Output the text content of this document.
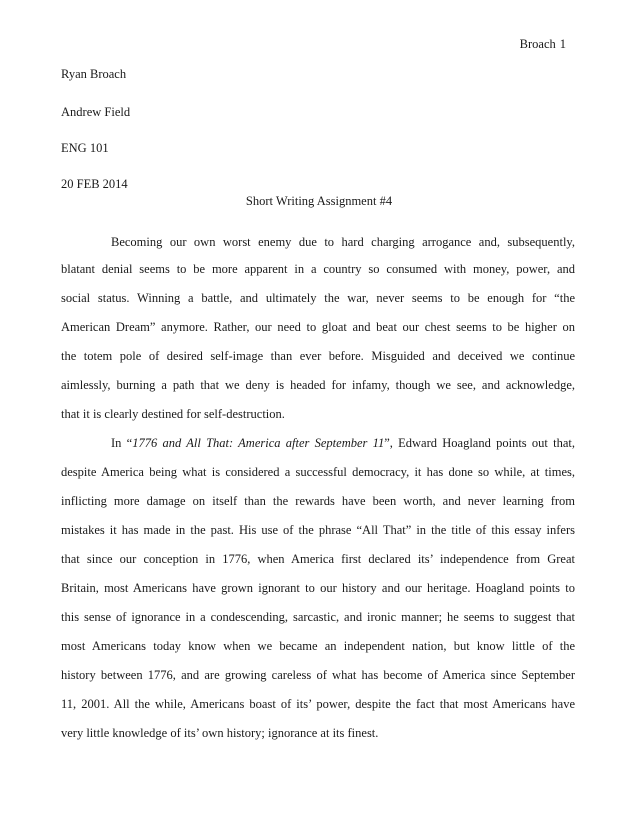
Broach 1
Ryan Broach
Andrew Field
ENG 101
20 FEB 2014
Short Writing Assignment #4
Becoming our own worst enemy due to hard charging arrogance and, subsequently,
blatant denial seems to be more apparent in a country so consumed with money, power, and
social status. Winning a battle, and ultimately the war, never seems to be enough for “the
American Dream” anymore. Rather, our need to gloat and beat our chest seems to be higher on
the totem pole of desired self-image than ever before. Misguided and deceived we continue
aimlessly, burning a path that we deny is headed for infamy, though we see, and acknowledge,
that it is clearly destined for self-destruction.
In “1776 and All That: America after September 11”, Edward Hoagland points out that,
despite America being what is considered a successful democracy, it has done so while, at times,
inflicting more damage on itself than the rewards have been worth, and never learning from
mistakes it has made in the past. His use of the phrase “All That” in the title of this essay infers
that since our conception in 1776, when America first declared its’ independence from Great
Britain, most Americans have grown ignorant to our history and our heritage. Hoagland points to
this sense of ignorance in a condescending, sarcastic, and ironic manner; he seems to suggest that
most Americans today know when we became an independent nation, but know little of the
history between 1776, and are growing careless of what has become of America since September
11, 2001. All the while, Americans boast of its’ power, despite the fact that most Americans have
very little knowledge of its’ own history; ignorance at its finest.
